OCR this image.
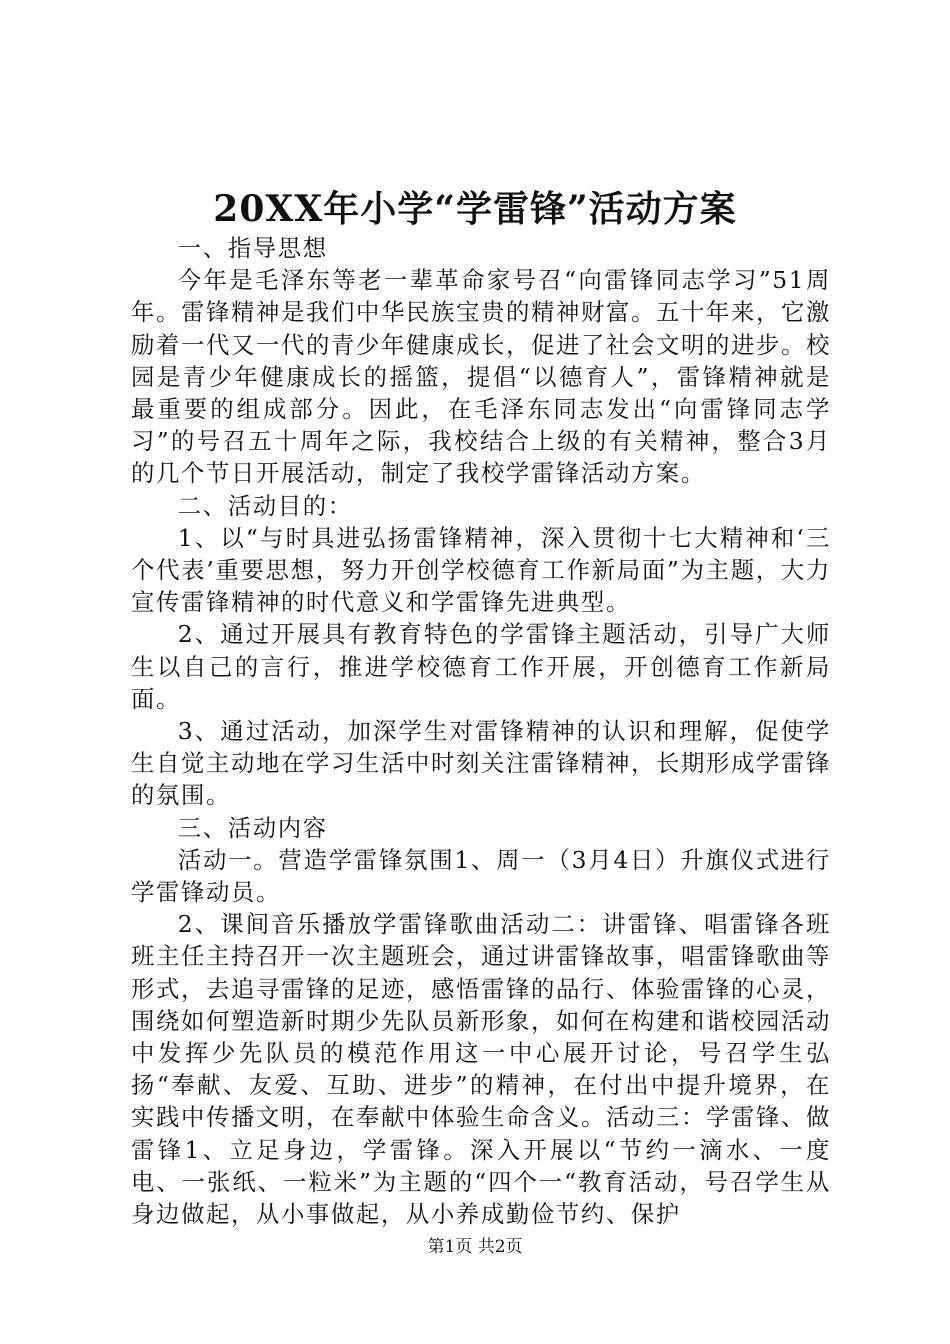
20XX年小学“学雷锋”活动方案

一、指导思想

今年是毛泽东等老一辈革命家号召“向雷锋同志学习”51周年。雷锋精神是我们中华民族宝贵的精神财富。五十年来，它激励着一代又一代的青少年健康成长，促进了社会文明的进步。校园是青少年健康成长的摇篮，提倡“以德育人”，雷锋精神就是最重要的组成部分。因此，在毛泽东同志发出“向雷锋同志学习”的号召五十周年之际，我校结合上级的有关精神，整合3月的几个节日开展活动，制定了我校学雷锋活动方案。

二、活动目的：

1、以“与时具进弘扬雷锋精神，深入贯彻十七大精神和‘三个代表’重要思想，努力开创学校德育工作新局面”为主题，大力宣传雷锋精神的时代意义和学雷锋先进典型。

2、通过开展具有教育特色的学雷锋主题活动，引导广大师生以自己的言行，推进学校德育工作开展，开创德育工作新局面。

3、通过活动，加深学生对雷锋精神的认识和理解，促使学生自觉主动地在学习生活中时刻关注雷锋精神，长期形成学雷锋的氛围。

三、活动内容

活动一。营造学雷锋氛围1、周一（3月4日）升旗仪式进行学雷锋动员。

2、课间音乐播放学雷锋歌曲活动二：讲雷锋、唱雷锋各班班主任主持召开一次主题班会，通过讲雷锋故事，唱雷锋歌曲等形式，去追寻雷锋的足迹，感悟雷锋的品行、体验雷锋的心灵，围绕如何塑造新时期少先队员新形象，如何在构建和谐校园活动中发挥少先队员的模范作用这一中心展开讨论，号召学生弘扬“奉献、友爱、互助、进步”的精神，在付出中提升境界，在实践中传播文明，在奉献中体验生命含义。活动三：学雷锋、做雷锋1、立足身边，学雷锋。深入开展以“节约一滴水、一度电、一张纸、一粒米”为主题的“四个一“教育活动，号召学生从身边做起，从小事做起，从小养成勤俭节约、保护

第1页 共2页
